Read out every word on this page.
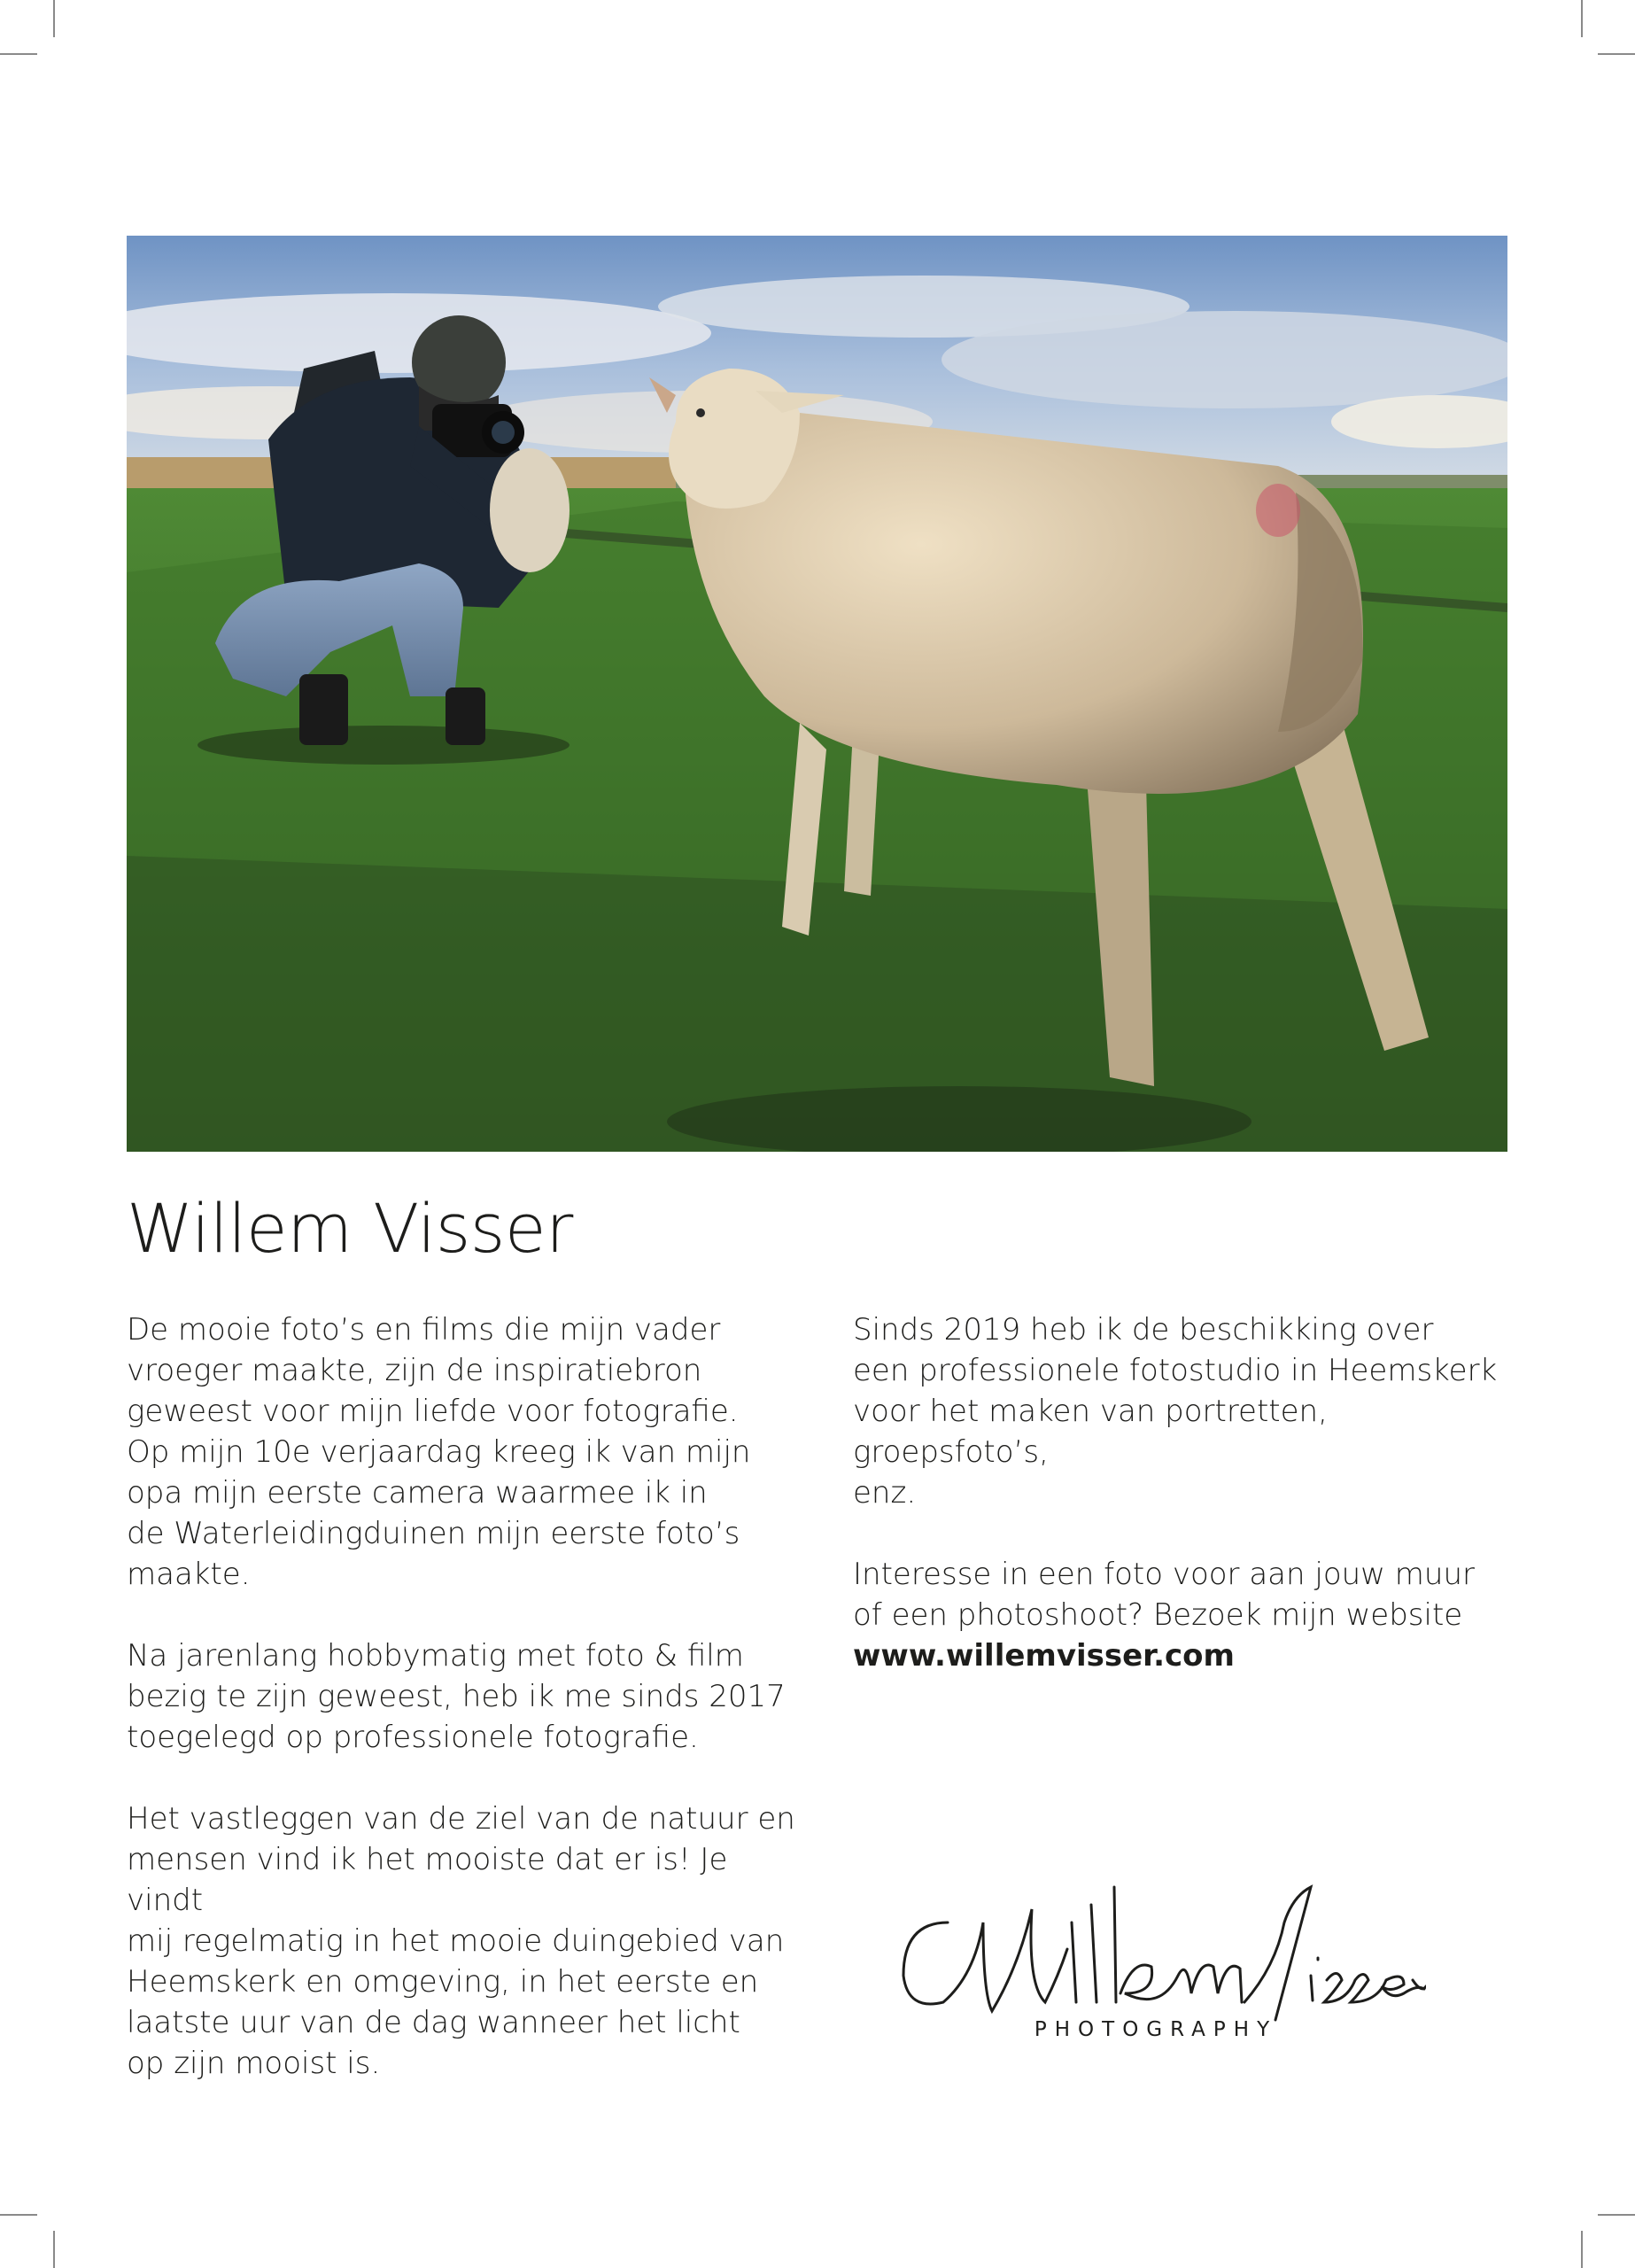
Willem Visser

De mooie foto’s en films die mijn vader
vroeger maakte, zijn de inspiratiebron
geweest voor mijn liefde voor fotografie.
Op mijn 10e verjaardag kreeg ik van mijn
opa mijn eerste camera waarmee ik in
de Waterleidingduinen mijn eerste foto’s
maakte.

Na jarenlang hobbymatig met foto & film
bezig te zijn geweest, heb ik me sinds 2017
toegelegd op professionele fotografie.

Het vastleggen van de ziel van de natuur en
mensen vind ik het mooiste dat er is! Je vindt
mij regelmatig in het mooie duingebied van
Heemskerk en omgeving, in het eerste en
laatste uur van de dag wanneer het licht
op zijn mooist is.

Sinds 2019 heb ik de beschikking over
een professionele fotostudio in Heemskerk
voor het maken van portretten, groepsfoto’s,
enz.

Interesse in een foto voor aan jouw muur
of een photoshoot? Bezoek mijn website
www.willemvisser.com

PHOTOGRAPHY
